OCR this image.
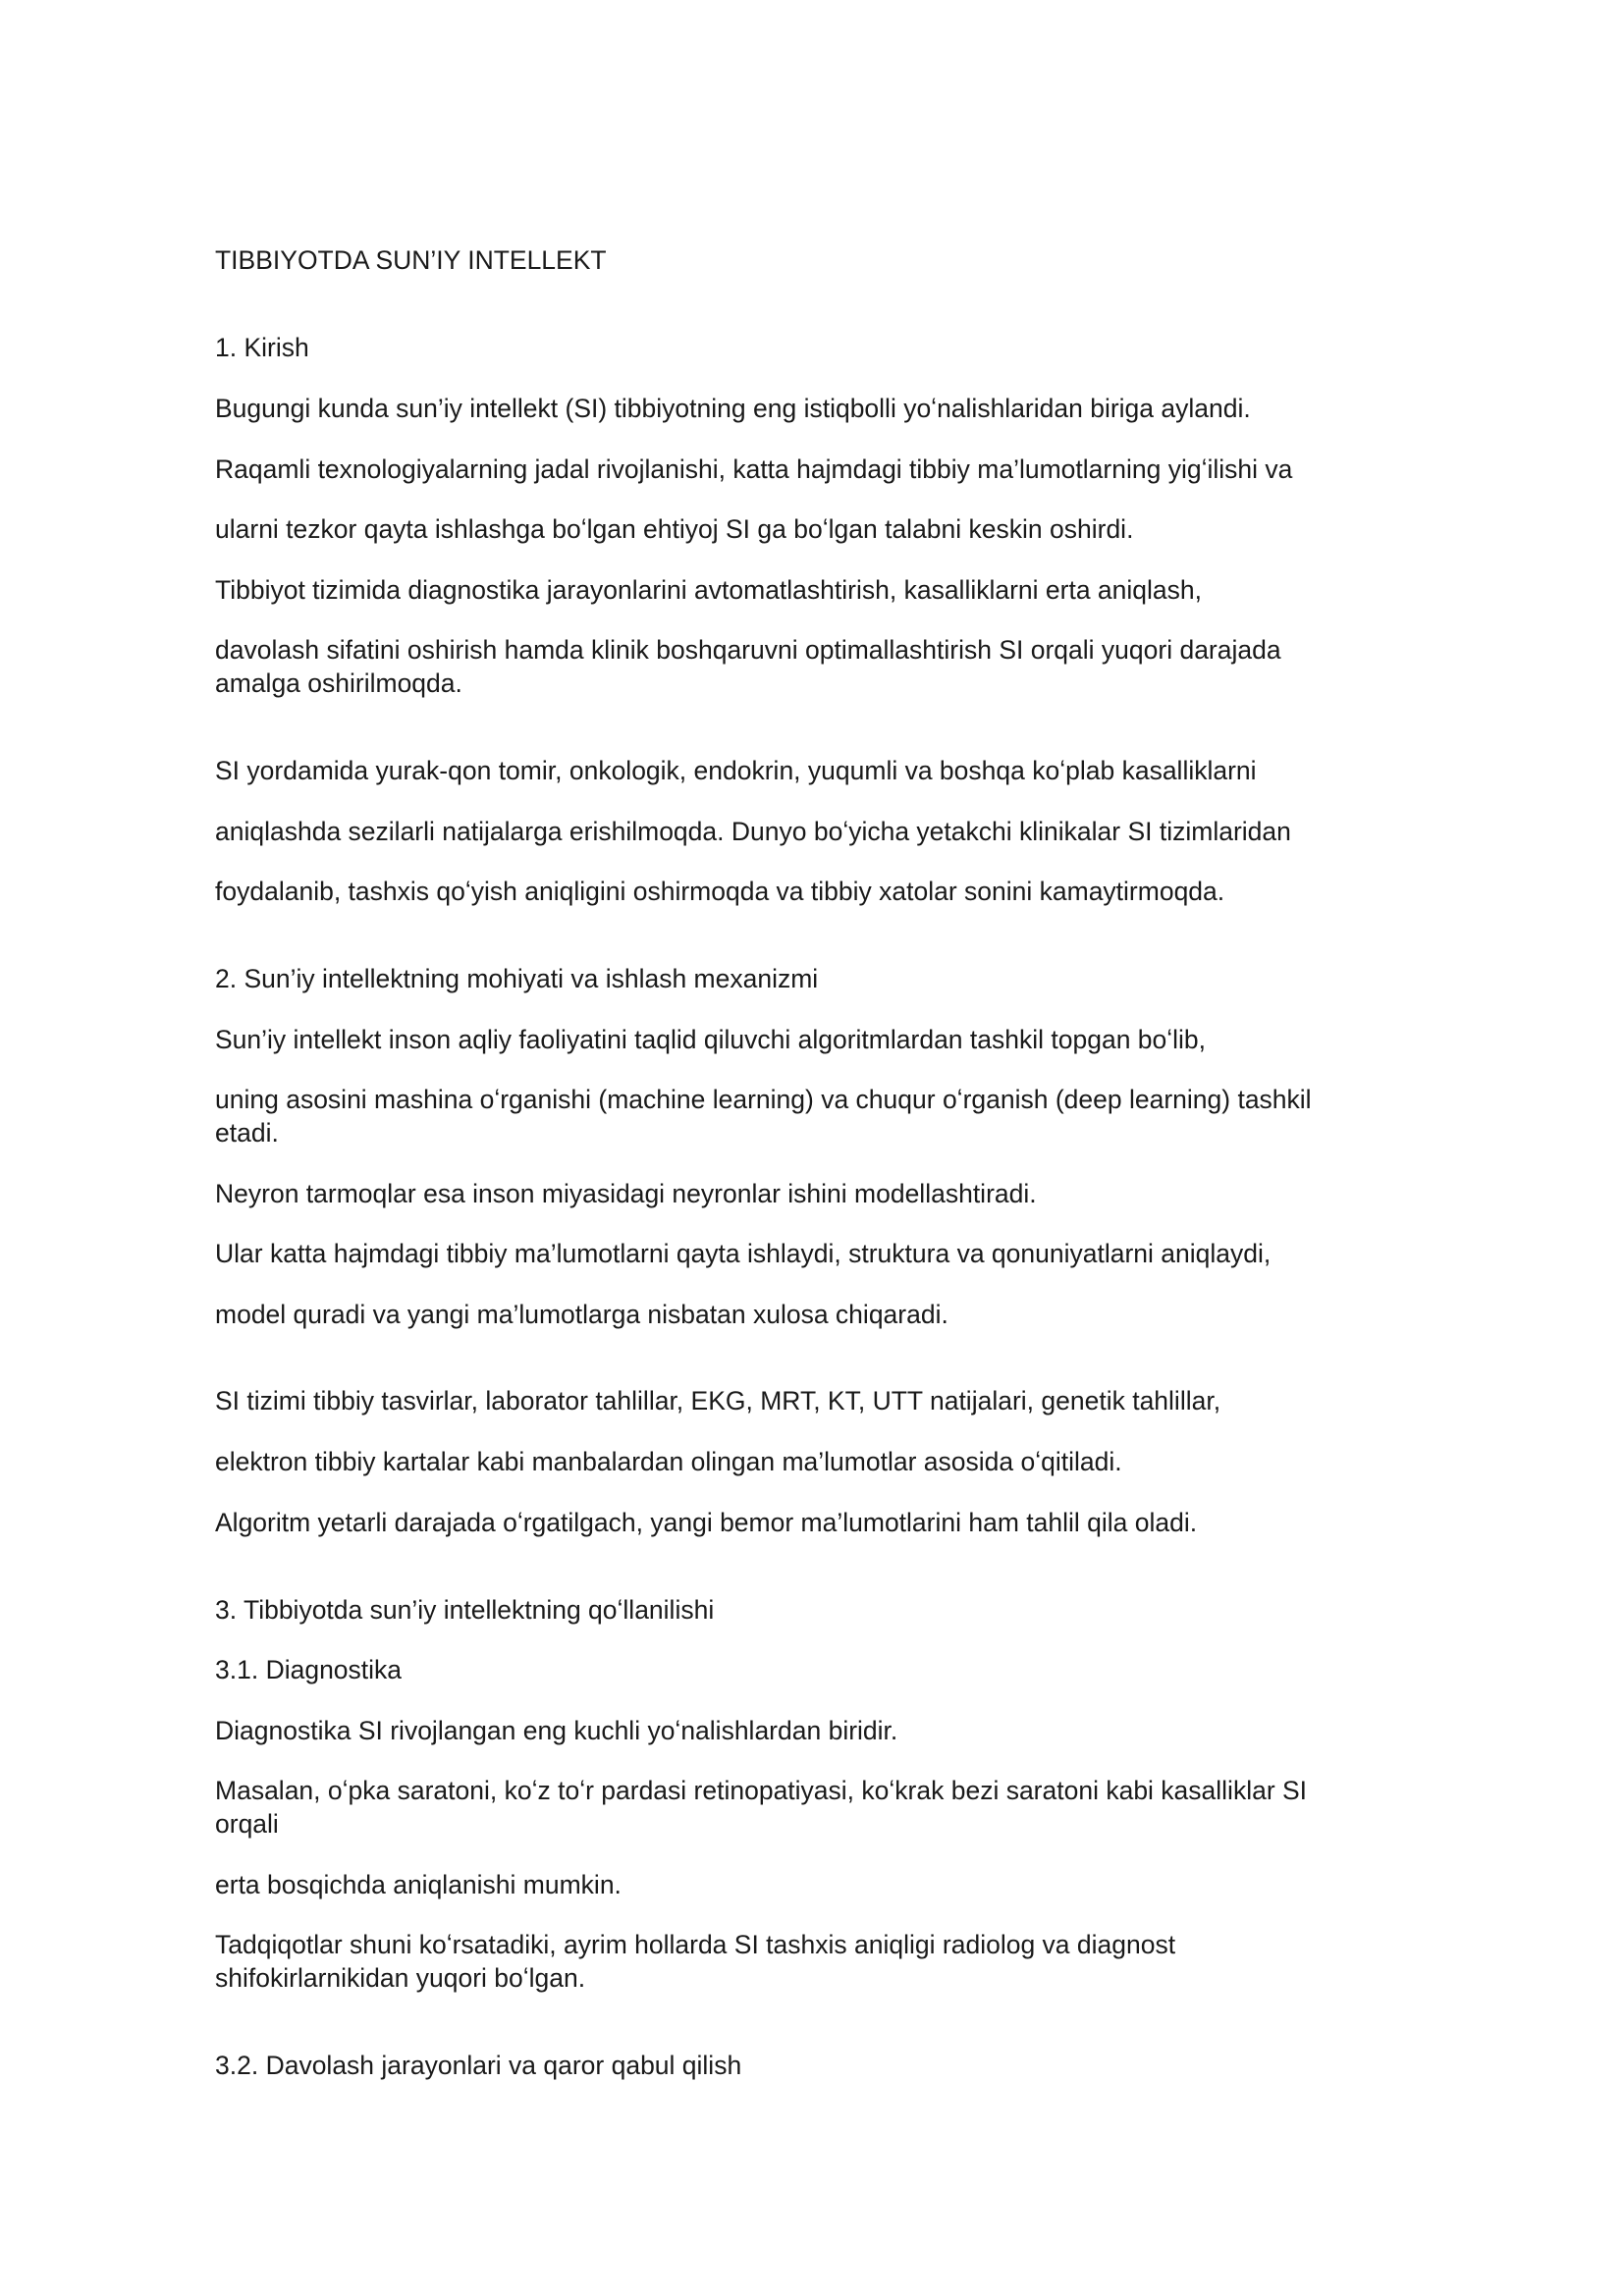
TIBBIYOTDA SUN’IY INTELLEKT
1. Kirish
Bugungi kunda sun’iy intellekt (SI) tibbiyotning eng istiqbolli yoʻnalishlaridan biriga aylandi.
Raqamli texnologiyalarning jadal rivojlanishi, katta hajmdagi tibbiy ma’lumotlarning yigʻilishi va
ularni tezkor qayta ishlashga boʻlgan ehtiyoj SI ga boʻlgan talabni keskin oshirdi.
Tibbiyot tizimida diagnostika jarayonlarini avtomatlashtirish, kasalliklarni erta aniqlash,
davolash sifatini oshirish hamda klinik boshqaruvni optimallashtirish SI orqali yuqori darajada
amalga oshirilmoqda.
SI yordamida yurak-qon tomir, onkologik, endokrin, yuqumli va boshqa koʻplab kasalliklarni
aniqlashda sezilarli natijalarga erishilmoqda. Dunyo boʻyicha yetakchi klinikalar SI tizimlaridan
foydalanib, tashxis qoʻyish aniqligini oshirmoqda va tibbiy xatolar sonini kamaytirmoqda.
2. Sun’iy intellektning mohiyati va ishlash mexanizmi
Sun’iy intellekt inson aqliy faoliyatini taqlid qiluvchi algoritmlardan tashkil topgan boʻlib,
uning asosini mashina oʻrganishi (machine learning) va chuqur oʻrganish (deep learning) tashkil
etadi.
Neyron tarmoqlar esa inson miyasidagi neyronlar ishini modellashtiradi.
Ular katta hajmdagi tibbiy ma’lumotlarni qayta ishlaydi, struktura va qonuniyatlarni aniqlaydi,
model quradi va yangi ma’lumotlarga nisbatan xulosa chiqaradi.
SI tizimi tibbiy tasvirlar, laborator tahlillar, EKG, MRT, KT, UTT natijalari, genetik tahlillar,
elektron tibbiy kartalar kabi manbalardan olingan ma’lumotlar asosida oʻqitiladi.
Algoritm yetarli darajada oʻrgatilgach, yangi bemor ma’lumotlarini ham tahlil qila oladi.
3. Tibbiyotda sun’iy intellektning qoʻllanilishi
3.1. Diagnostika
Diagnostika SI rivojlangan eng kuchli yoʻnalishlardan biridir.
Masalan, oʻpka saratoni, koʻz toʻr pardasi retinopatiyasi, koʻkrak bezi saratoni kabi kasalliklar SI
orqali
erta bosqichda aniqlanishi mumkin.
Tadqiqotlar shuni koʻrsatadiki, ayrim hollarda SI tashxis aniqligi radiolog va diagnost
shifokirlarnikidan yuqori boʻlgan.
3.2. Davolash jarayonlari va qaror qabul qilish
